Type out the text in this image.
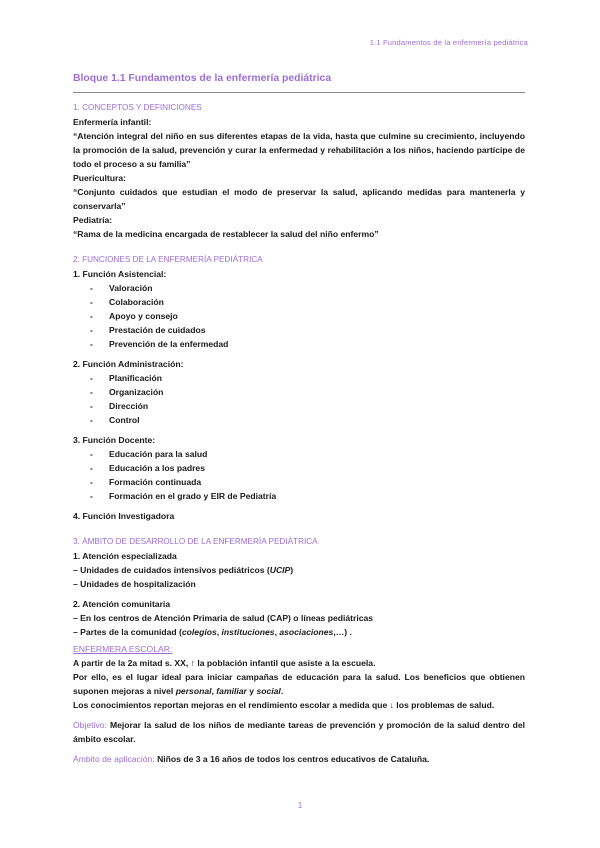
1.1 Fundamentos de la enfermería pediátrica
Bloque 1.1 Fundamentos de la enfermería pediátrica
1. CONCEPTOS Y DEFINICIONES
Enfermería infantil:
“Atención integral del niño en sus diferentes etapas de la vida, hasta que culmine su crecimiento, incluyendo la promoción de la salud, prevención y curar la enfermedad y rehabilitación a los niños, haciendo partícipe de todo el proceso a su familia”
Puericultura:
“Conjunto cuidados que estudian el modo de preservar la salud, aplicando medidas para mantenerla y conservarla”
Pediatría:
“Rama de la medicina encargada de restablecer la salud del niño enfermo”
2. FUNCIONES DE LA ENFERMERÍA PEDIÁTRICA
1. Función Asistencial:
- Valoración
- Colaboración
- Apoyo y consejo
- Prestación de cuidados
- Prevención de la enfermedad
2. Función Administración:
- Planificación
- Organización
- Dirección
- Control
3. Función Docente:
- Educación para la salud
- Educación a los padres
- Formación continuada
- Formación en el grado y EIR de Pediatría
4. Función Investigadora
3. ÁMBITO DE DESARROLLO DE LA ENFERMERÍA PEDIÁTRICA
1. Atención especializada
– Unidades de cuidados intensivos pediátricos (UCIP)
– Unidades de hospitalización
2. Atención comunitaria
– En los centros de Atención Primaria de salud (CAP) o líneas pediátricas
– Partes de la comunidad (colegios, instituciones, asociaciones,…) .
ENFERMERA ESCOLAR:
A partir de la 2a mitad s. XX, ↑ la población infantil que asiste a la escuela.
Por ello, es el lugar ideal para iniciar campañas de educación para la salud. Los beneficios que obtienen suponen mejoras a nivel personal, familiar y social.
Los conocimientos reportan mejoras en el rendimiento escolar a medida que ↓ los problemas de salud.
Objetivo: Mejorar la salud de los niños de mediante tareas de prevención y promoción de la salud dentro del ámbito escolar.
Ámbito de aplicación: Niños de 3 a 16 años de todos los centros educativos de Cataluña.
1
